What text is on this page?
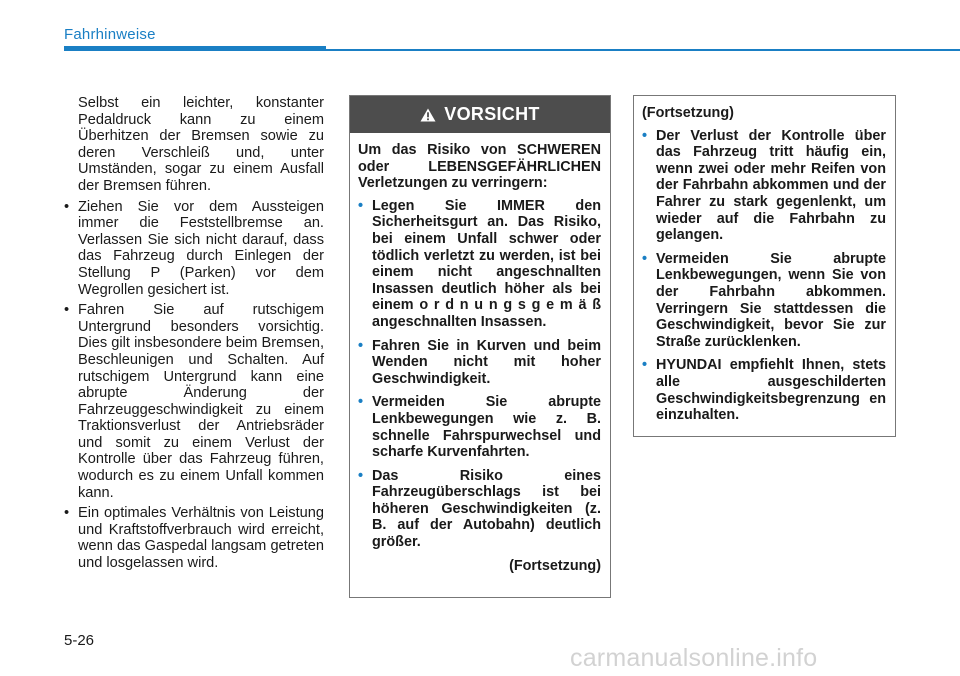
Fahrhinweise

Selbst ein leichter, konstanter Pedaldruck kann zu einem Überhitzen der Bremsen sowie zu deren Verschleiß und, unter Umständen, sogar zu einem Ausfall der Bremsen führen.

• Ziehen Sie vor dem Aussteigen immer die Feststellbremse an. Verlassen Sie sich nicht darauf, dass das Fahrzeug durch Einlegen der Stellung P (Parken) vor dem Wegrollen gesichert ist.
• Fahren Sie auf rutschigem Untergrund besonders vorsichtig. Dies gilt insbesondere beim Bremsen, Beschleunigen und Schalten. Auf rutschigem Untergrund kann eine abrupte Änderung der Fahrzeuggeschwindigkeit zu einem Traktionsverlust der Antriebsräder und somit zu einem Verlust der Kontrolle über das Fahrzeug führen, wodurch es zu einem Unfall kommen kann.
• Ein optimales Verhältnis von Leistung und Kraftstoffverbrauch wird erreicht, wenn das Gaspedal langsam getreten und losgelassen wird.
VORSICHT

Um das Risiko von SCHWEREN oder LEBENSGEFÄHRLICHEN Verletzungen zu verringern:

• Legen Sie IMMER den Sicherheitsgurt an. Das Risiko, bei einem Unfall schwer oder tödlich verletzt zu werden, ist bei einem nicht angeschnallten Insassen deutlich höher als bei einem o r d n u n g s g e m ä ß angeschnallten Insassen.
• Fahren Sie in Kurven und beim Wenden nicht mit hoher Geschwindigkeit.
• Vermeiden Sie abrupte Lenkbewegungen wie z. B. schnelle Fahrspurwechsel und scharfe Kurvenfahrten.
• Das Risiko eines Fahrzeugüberschlags ist bei höheren Geschwindigkeiten (z. B. auf der Autobahn) deutlich größer.

(Fortsetzung)

(Fortsetzung)

• Der Verlust der Kontrolle über das Fahrzeug tritt häufig ein, wenn zwei oder mehr Reifen von der Fahrbahn abkommen und der Fahrer zu stark gegenlenkt, um wieder auf die Fahrbahn zu gelangen.
• Vermeiden Sie abrupte Lenkbewegungen, wenn Sie von der Fahrbahn abkommen. Verringern Sie stattdessen die Geschwindigkeit, bevor Sie zur Straße zurücklenken.
• HYUNDAI empfiehlt Ihnen, stets alle ausgeschilderten Geschwindigkeitsbegrenzung en einzuhalten.
5-26
carmanualsonline.info
